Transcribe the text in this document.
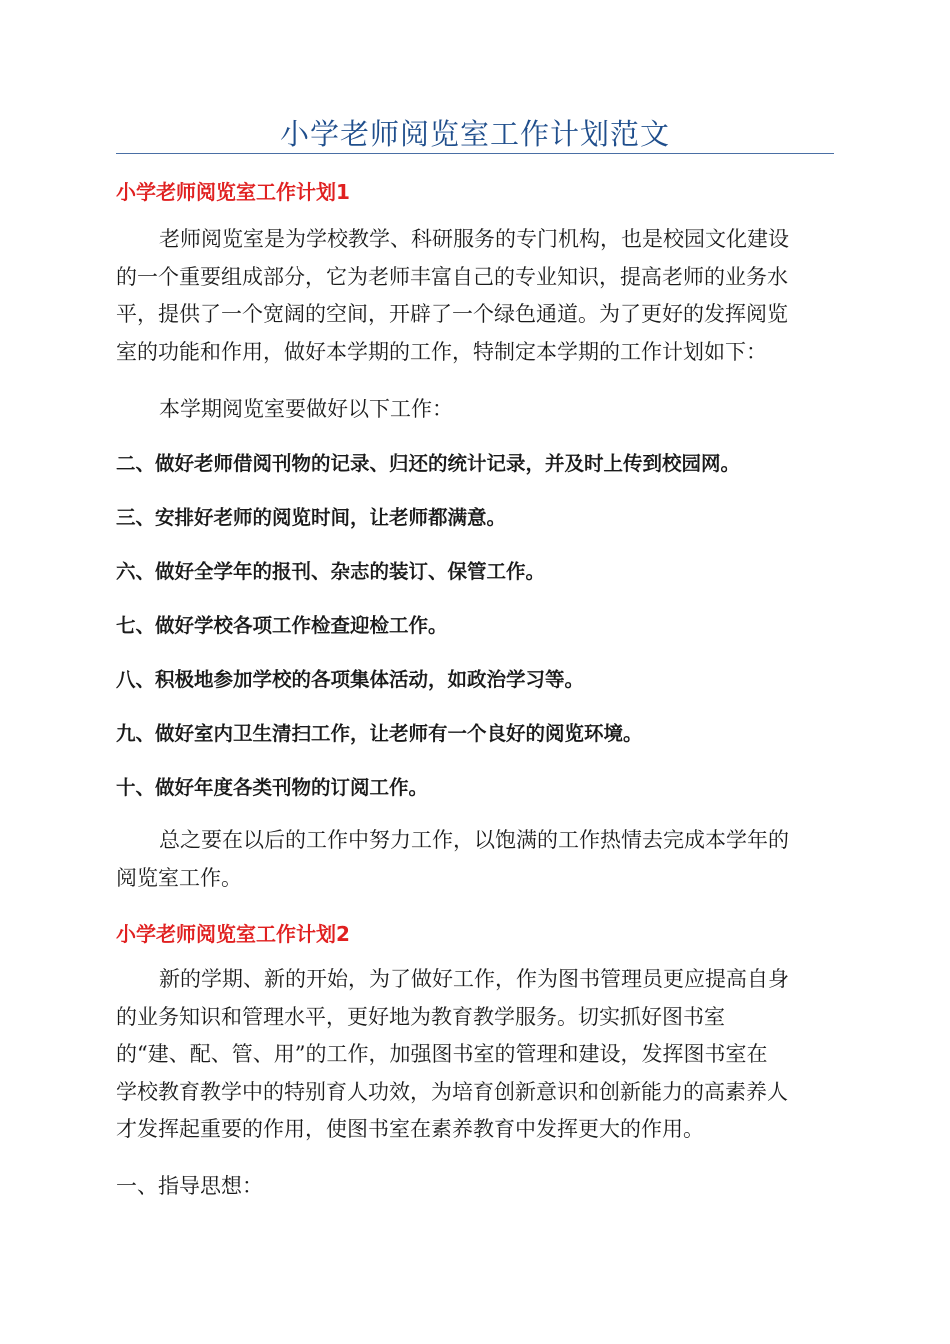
小学老师阅览室工作计划范文
小学老师阅览室工作计划1
老师阅览室是为学校教学、科研服务的专门机构，也是校园文化建设
的一个重要组成部分，它为老师丰富自己的专业知识，提高老师的业务水
平，提供了一个宽阔的空间，开辟了一个绿色通道。为了更好的发挥阅览
室的功能和作用，做好本学期的工作，特制定本学期的工作计划如下：
本学期阅览室要做好以下工作：
二、做好老师借阅刊物的记录、归还的统计记录，并及时上传到校园网。
三、安排好老师的阅览时间，让老师都满意。
六、做好全学年的报刊、杂志的装订、保管工作。
七、做好学校各项工作检查迎检工作。
八、积极地参加学校的各项集体活动，如政治学习等。
九、做好室内卫生清扫工作，让老师有一个良好的阅览环境。
十、做好年度各类刊物的订阅工作。
总之要在以后的工作中努力工作，以饱满的工作热情去完成本学年的
阅览室工作。
小学老师阅览室工作计划2
新的学期、新的开始，为了做好工作，作为图书管理员更应提高自身
的业务知识和管理水平，更好地为教育教学服务。切实抓好图书室
的“建、配、管、用”的工作，加强图书室的管理和建设，发挥图书室在
学校教育教学中的特别育人功效，为培育创新意识和创新能力的高素养人
才发挥起重要的作用，使图书室在素养教育中发挥更大的作用。
一、指导思想：
